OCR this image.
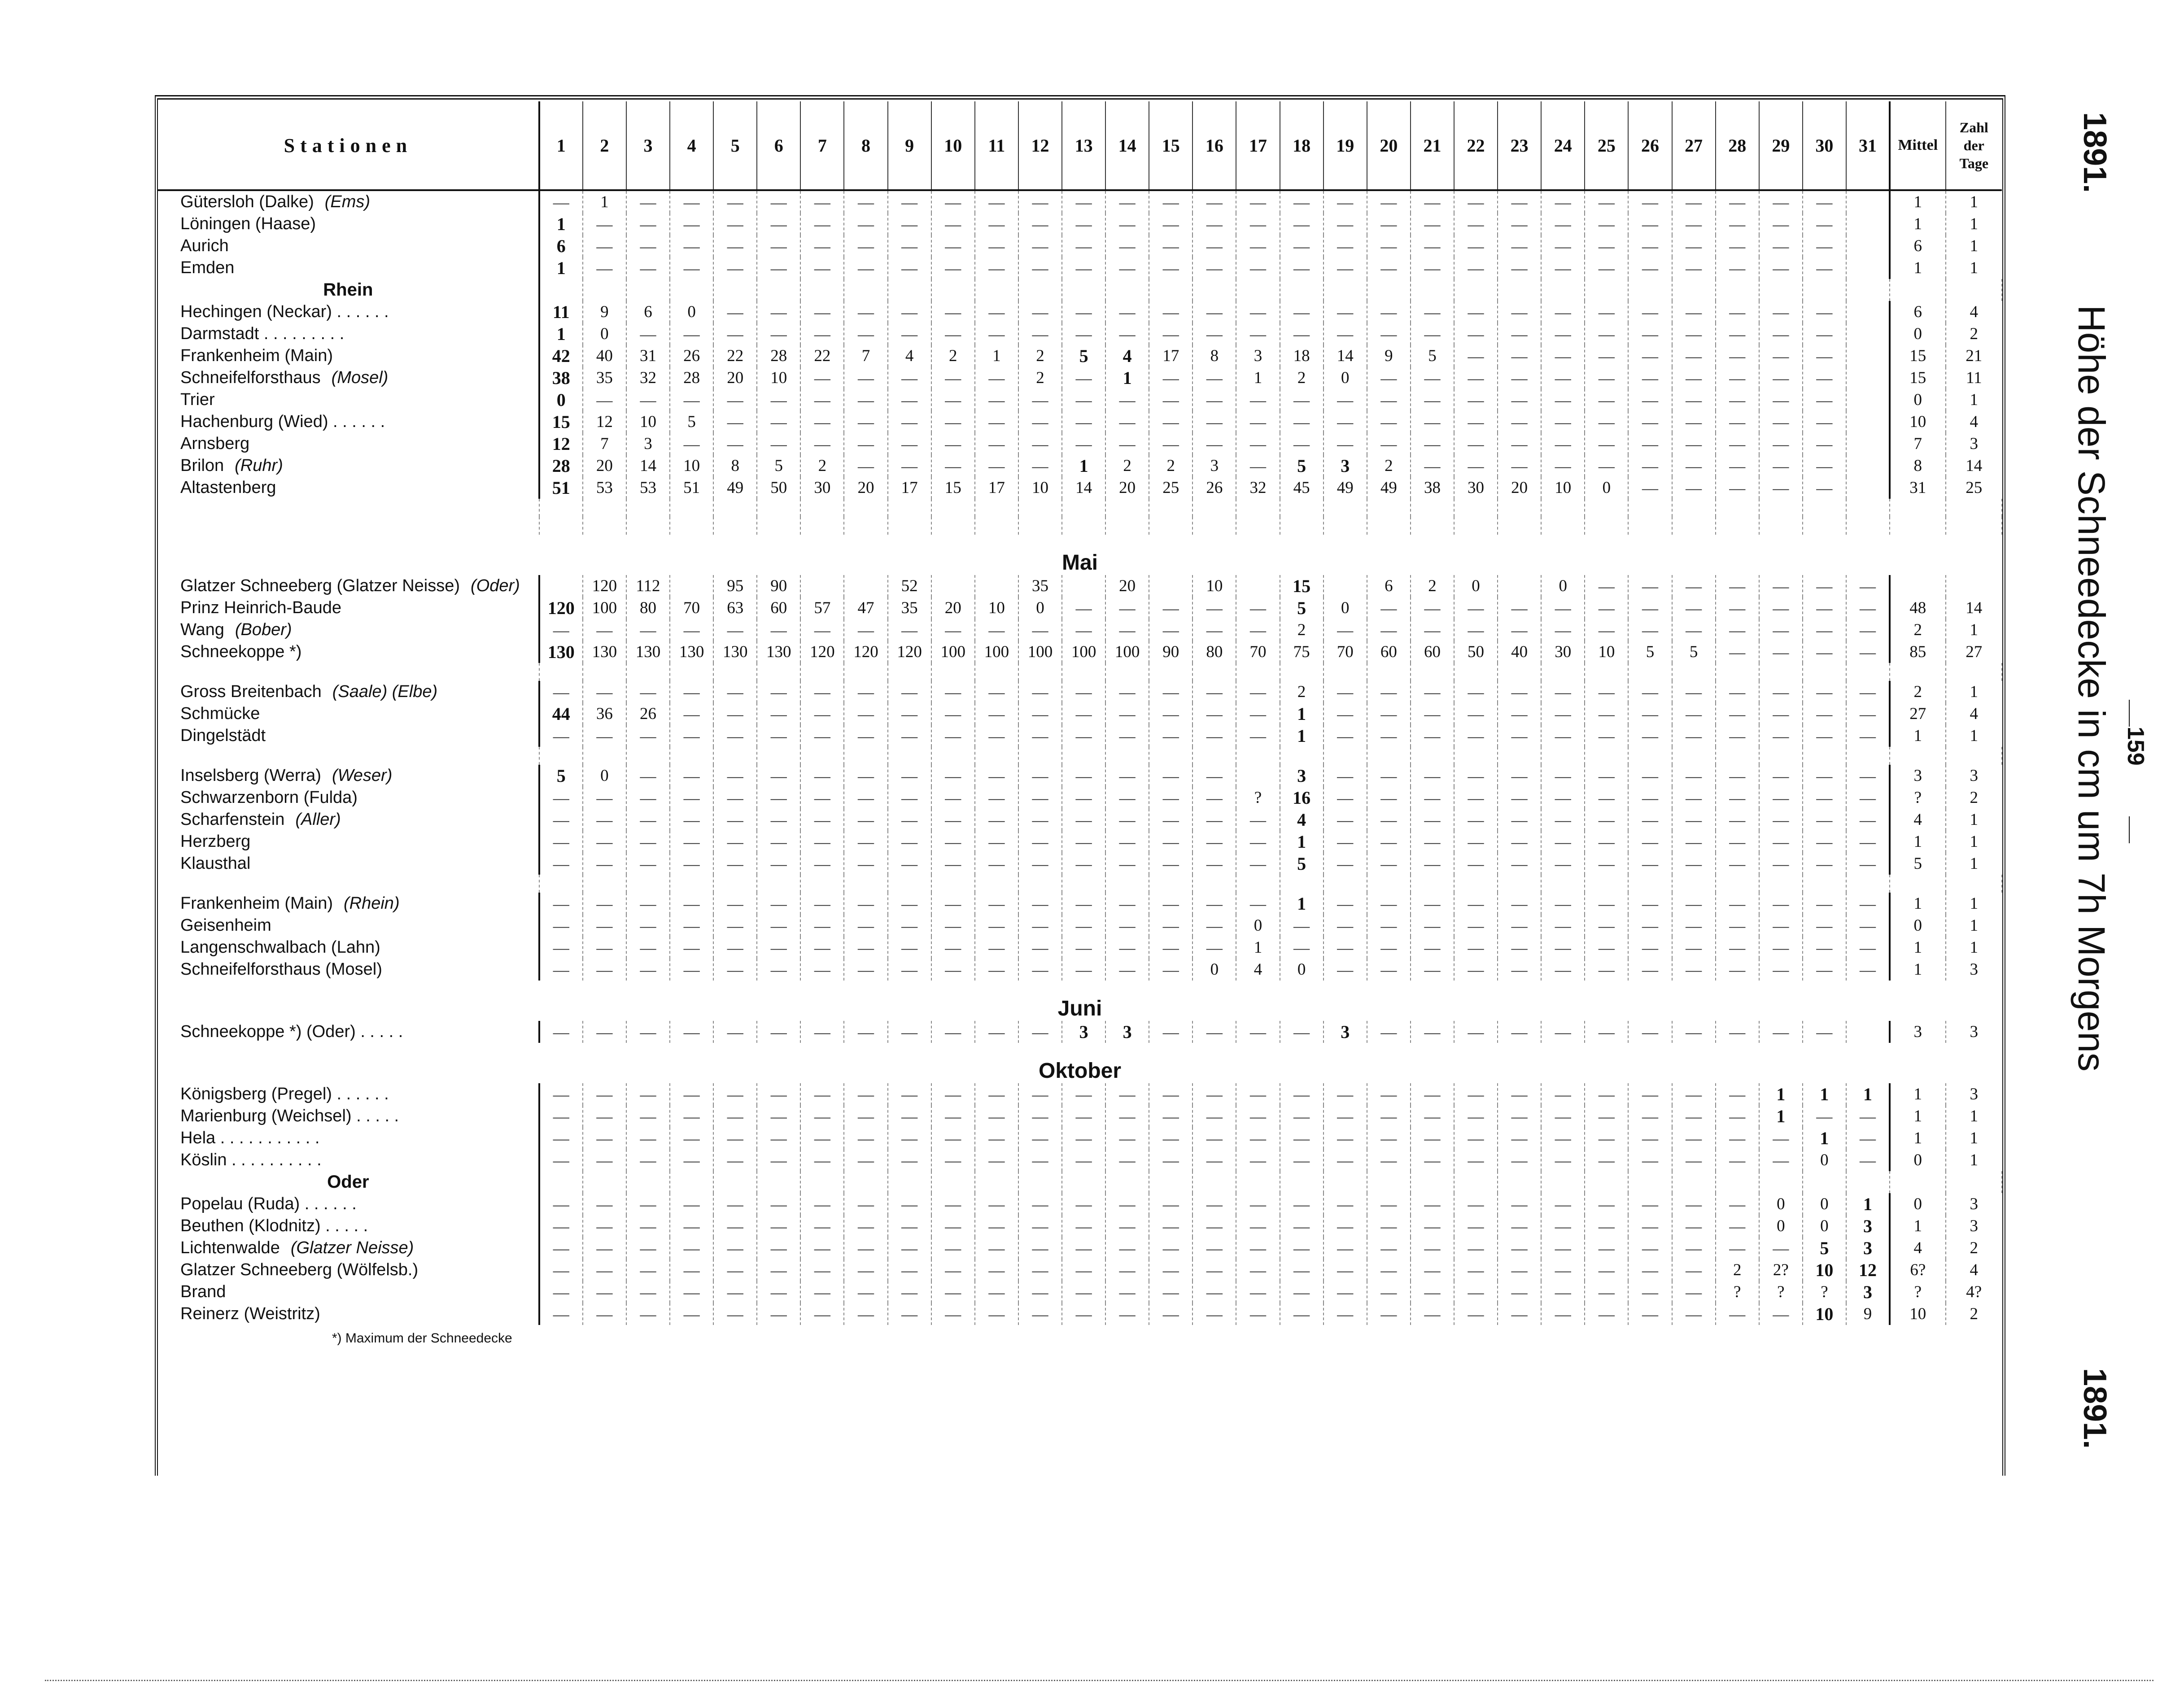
Stationen	1	2	3	4	5	6	7	8	9	10	11	12	13	14	15	16	17	18	19	20	21	22	23	24	25	26	27	28	29	30	31	Mittel	Zahl
der
Tage

Gütersloh (Dalke) (Ems)	—	1	—	—	—	—	—	—	—	—	—	—	—	—	—	—	—	—	—	—	—	—	—	—	—	—	—	—	—	—		1	1
Löningen (Haase)	1	—	—	—	—	—	—	—	—	—	—	—	—	—	—	—	—	—	—	—	—	—	—	—	—	—	—	—	—	—		1	1
Aurich	6	—	—	—	—	—	—	—	—	—	—	—	—	—	—	—	—	—	—	—	—	—	—	—	—	—	—	—	—	—		6	1
Emden	1	—	—	—	—	—	—	—	—	—	—	—	—	—	—	—	—	—	—	—	—	—	—	—	—	—	—	—	—	—		1	1
Rhein																																	
Hechingen (Neckar) . . . . . .	11	9	6	0	—	—	—	—	—	—	—	—	—	—	—	—	—	—	—	—	—	—	—	—	—	—	—	—	—	—		6	4
Darmstadt . . . . . . . . .	1	0	—	—	—	—	—	—	—	—	—	—	—	—	—	—	—	—	—	—	—	—	—	—	—	—	—	—	—	—		0	2
Frankenheim (Main)	42	40	31	26	22	28	22	7	4	2	1	2	5	4	17	8	3	18	14	9	5	—	—	—	—	—	—	—	—	—		15	21
Schneifelforsthaus (Mosel)	38	35	32	28	20	10	—	—	—	—	—	2	—	1	—	—	1	2	0	—	—	—	—	—	—	—	—	—	—	—		15	11
Trier	0	—	—	—	—	—	—	—	—	—	—	—	—	—	—	—	—	—	—	—	—	—	—	—	—	—	—	—	—	—		0	1
Hachenburg (Wied) . . . . . .	15	12	10	5	—	—	—	—	—	—	—	—	—	—	—	—	—	—	—	—	—	—	—	—	—	—	—	—	—	—		10	4
Arnsberg	12	7	3	—	—	—	—	—	—	—	—	—	—	—	—	—	—	—	—	—	—	—	—	—	—	—	—	—	—	—		7	3
Brilon (Ruhr)	28	20	14	10	8	5	2	—	—	—	—	—	1	2	2	3	—	5	3	2	—	—	—	—	—	—	—	—	—	—		8	14
Altastenberg	51	53	53	51	49	50	30	20	17	15	17	10	14	20	25	26	32	45	49	49	38	30	20	10	0	—	—	—	—	—		31	25

Mai																																	
Glatzer Schneeberg (Glatzer Neisse) (Oder)		120	112		95	90			52			35		20		10		15		6	2	0		0	—	—	—	—	—	—	—		
Prinz Heinrich-Baude	120	100	80	70	63	60	57	47	35	20	10	0	—	—	—	—	—	5	0	—	—	—	—	—	—	—	—	—	—	—	—	48	14
Wang (Bober)	—	—	—	—	—	—	—	—	—	—	—	—	—	—	—	—	—	2	—	—	—	—	—	—	—	—	—	—	—	—	—	2	1
Schneekoppe *)	130	130	130	130	130	130	120	120	120	100	100	100	100	100	90	80	70	75	70	60	60	50	40	30	10	5	5	—	—	—	—	85	27

Gross Breitenbach (Saale) (Elbe)	—	—	—	—	—	—	—	—	—	—	—	—	—	—	—	—	—	2	—	—	—	—	—	—	—	—	—	—	—	—	—	2	1
Schmücke	44	36	26	—	—	—	—	—	—	—	—	—	—	—	—	—	—	1	—	—	—	—	—	—	—	—	—	—	—	—	—	27	4
Dingelstädt	—	—	—	—	—	—	—	—	—	—	—	—	—	—	—	—	—	1	—	—	—	—	—	—	—	—	—	—	—	—	—	1	1

Inselsberg (Werra) (Weser)	5	0	—	—	—	—	—	—	—	—	—	—	—	—	—	—		3	—	—	—	—	—	—	—	—	—	—	—	—	—	3	3
Schwarzenborn (Fulda)	—	—	—	—	—	—	—	—	—	—	—	—	—	—	—	—	?	16	—	—	—	—	—	—	—	—	—	—	—	—	—	?	2
Scharfenstein (Aller)	—	—	—	—	—	—	—	—	—	—	—	—	—	—	—	—	—	4	—	—	—	—	—	—	—	—	—	—	—	—	—	4	1
Herzberg	—	—	—	—	—	—	—	—	—	—	—	—	—	—	—	—	—	1	—	—	—	—	—	—	—	—	—	—	—	—	—	1	1
Klausthal	—	—	—	—	—	—	—	—	—	—	—	—	—	—	—	—	—	5	—	—	—	—	—	—	—	—	—	—	—	—	—	5	1

Frankenheim (Main) (Rhein)	—	—	—	—	—	—	—	—	—	—	—	—	—	—	—	—	—	1	—	—	—	—	—	—	—	—	—	—	—	—	—	1	1
Geisenheim	—	—	—	—	—	—	—	—	—	—	—	—	—	—	—	—	0	—	—	—	—	—	—	—	—	—	—	—	—	—	—	0	1
Langenschwalbach (Lahn)	—	—	—	—	—	—	—	—	—	—	—	—	—	—	—	—	1	—	—	—	—	—	—	—	—	—	—	—	—	—	—	1	1
Schneifelforsthaus (Mosel)	—	—	—	—	—	—	—	—	—	—	—	—	—	—	—	0	4	0	—	—	—	—	—	—	—	—	—	—	—	—	—	1	3
Juni																																	
Schneekoppe *) (Oder) . . . . .	—	—	—	—	—	—	—	—	—	—	—	—	3	3	—	—	—	—	3	—	—	—	—	—	—	—	—	—	—	—		3	3
Oktober																																	
Königsberg (Pregel) . . . . . .	—	—	—	—	—	—	—	—	—	—	—	—	—	—	—	—	—	—	—	—	—	—	—	—	—	—	—	—	1	1	1	1	3
Marienburg (Weichsel) . . . . .	—	—	—	—	—	—	—	—	—	—	—	—	—	—	—	—	—	—	—	—	—	—	—	—	—	—	—	—	1	—	—	1	1
Hela . . . . . . . . . . .	—	—	—	—	—	—	—	—	—	—	—	—	—	—	—	—	—	—	—	—	—	—	—	—	—	—	—	—	—	1	—	1	1
Köslin . . . . . . . . . .	—	—	—	—	—	—	—	—	—	—	—	—	—	—	—	—	—	—	—	—	—	—	—	—	—	—	—	—	—	0	—	0	1
Oder																																	
Popelau (Ruda) . . . . . .	—	—	—	—	—	—	—	—	—	—	—	—	—	—	—	—	—	—	—	—	—	—	—	—	—	—	—	—	0	0	1	0	3
Beuthen (Klodnitz) . . . . .	—	—	—	—	—	—	—	—	—	—	—	—	—	—	—	—	—	—	—	—	—	—	—	—	—	—	—	—	0	0	3	1	3
Lichtenwalde (Glatzer Neisse)	—	—	—	—	—	—	—	—	—	—	—	—	—	—	—	—	—	—	—	—	—	—	—	—	—	—	—	—	—	5	3	4	2
Glatzer Schneeberg (Wölfelsb.)	—	—	—	—	—	—	—	—	—	—	—	—	—	—	—	—	—	—	—	—	—	—	—	—	—	—	—	2	2?	10	12	6?	4
Brand	—	—	—	—	—	—	—	—	—	—	—	—	—	—	—	—	—	—	—	—	—	—	—	—	—	—	—	?	?	?	3	?	4?
Reinerz (Weistritz)	—	—	—	—	—	—	—	—	—	—	—	—	—	—	—	—	—	—	—	—	—	—	—	—	—	—	—	—	—	10	9	10	2
*) Maximum der Schneedecke																																	
1891.
Höhe der Schneedecke in cm um 7h Morgens 159
1891.
